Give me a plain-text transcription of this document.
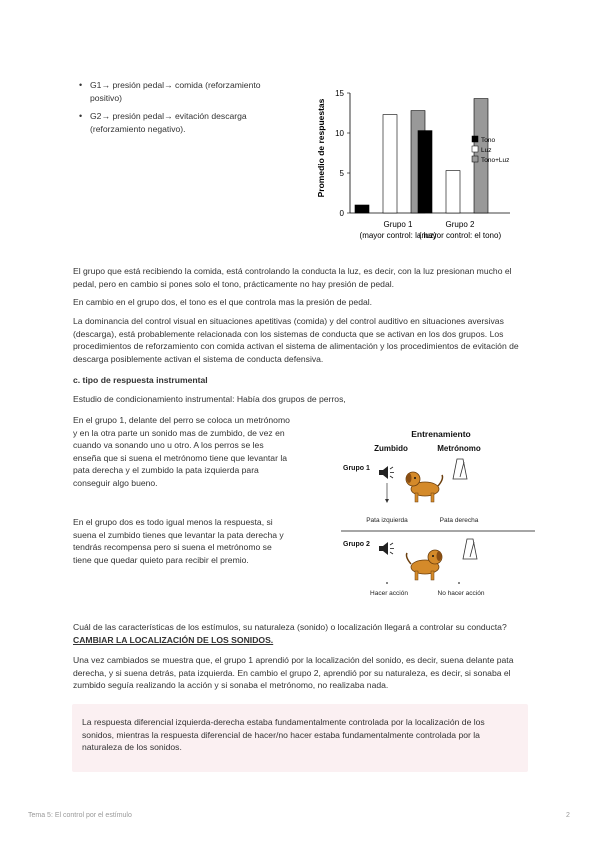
• G1→ presión pedal→ comida (reforzamiento positivo)
• G2→ presión pedal→ evitación descarga (reforzamiento negativo).	Promedio de respuestas
0
5
10
15
Tono
Luz
Tono+Luz
Grupo 1
(mayor control: la luz)
Grupo 2
(mayor control: el tono)
El grupo que está recibiendo la comida, está controlando la conducta la luz, es decir, con la luz presionan mucho el pedal, pero en cambio si pones solo el tono, prácticamente no hay presión de pedal.
En cambio en el grupo dos, el tono es el que controla mas la presión de pedal.
La dominancia del control visual en situaciones apetitivas (comida) y del control auditivo en situaciones aversivas (descarga), está probablemente relacionada con los sistemas de conducta que se activan en los dos grupos. Los procedimientos de reforzamiento con comida activan el sistema de alimentación y los procedimientos de evitación de descarga posiblemente activan el sistema de conducta defensiva.
c. tipo de respuesta instrumental
Estudio de condicionamiento instrumental: Había dos grupos de perros,
En el grupo 1, delante del perro se coloca un metrónomo y en la otra parte un sonido mas de zumbido, de vez en cuando va sonando uno u otro. A los perros se les enseña que si suena el metrónomo tiene que levantar la pata derecha y el zumbido la pata izquierda para conseguir algo bueno.
En el grupo dos es todo igual menos la respuesta, si suena el zumbido tienes que levantar la pata derecha y tendrás recompensa pero si suena el metrónomo se tiene que quedar quieto para recibir el premio.
Entrenamiento
Zumbido	Metrónomo
Grupo 1
Pata izquierda	Pata derecha
Grupo 2
Hacer acción	No hacer acción
Cuál de las características de los estímulos, su naturaleza (sonido) o localización llegará a controlar su conducta? CAMBIAR LA LOCALIZACIÓN DE LOS SONIDOS.
Una vez cambiados se muestra que, el grupo 1 aprendió por la localización del sonido, es decir, suena delante pata derecha, y si suena detrás, pata izquierda. En cambio el grupo 2, aprendió por su naturaleza, es decir, si sonaba el zumbido seguía realizando la acción y si sonaba el metrónomo, no realizaba nada.
La respuesta diferencial izquierda-derecha estaba fundamentalmente controlada por la localización de los sonidos, mientras la respuesta diferencial de hacer/no hacer estaba fundamentalmente controlada por la naturaleza de los sonidos.
Tema 5: El control por el estímulo	2
